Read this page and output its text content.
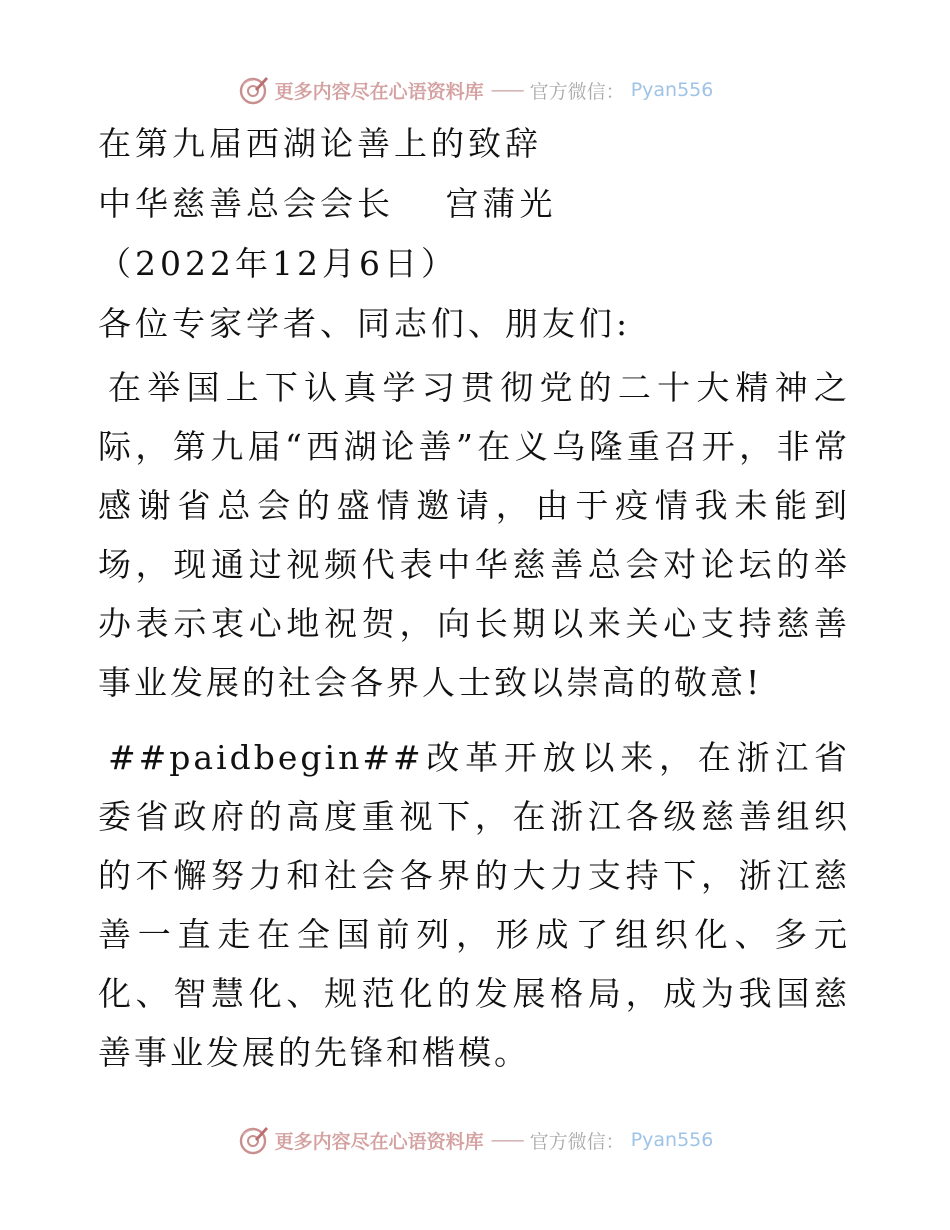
更多内容尽在心语资料库 —— 官方微信： Pyan556

在第九届西湖论善上的致辞

中华慈善总会会长　 宫蒲光

（2022年12月6日）

各位专家学者、同志们、朋友们:

在举国上下认真学习贯彻党的二十大精神之际，第九届“西湖论善”在义乌隆重召开，非常感谢省总会的盛情邀请，由于疫情我未能到场，现通过视频代表中华慈善总会对论坛的举办表示衷心地祝贺，向长期以来关心支持慈善事业发展的社会各界人士致以崇高的敬意!

##paidbegin##改革开放以来，在浙江省委省政府的高度重视下，在浙江各级慈善组织的不懈努力和社会各界的大力支持下，浙江慈善一直走在全国前列，形成了组织化、多元化、智慧化、规范化的发展格局，成为我国慈善事业发展的先锋和楷模。

更多内容尽在心语资料库 —— 官方微信： Pyan556
